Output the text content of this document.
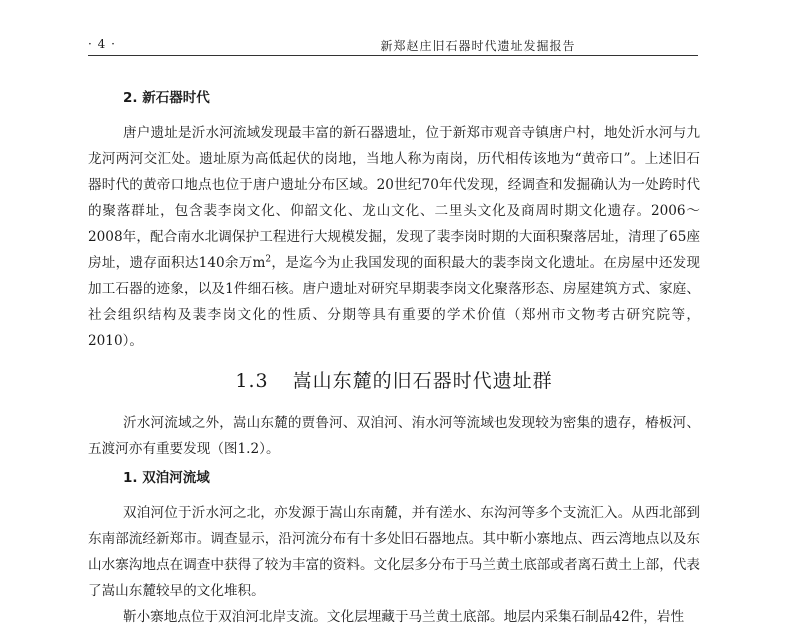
· 4 ·	新郑赵庄旧石器时代遗址发掘报告
2. 新石器时代

唐户遗址是沂水河流域发现最丰富的新石器遗址，位于新郑市观音寺镇唐户村，地处沂水河与九龙河两河交汇处。遗址原为高低起伏的岗地，当地人称为南岗，历代相传该地为“黄帝口”。上述旧石器时代的黄帝口地点也位于唐户遗址分布区域。20世纪70年代发现，经调查和发掘确认为一处跨时代的聚落群址，包含裴李岗文化、仰韶文化、龙山文化、二里头文化及商周时期文化遗存。2006～2008年，配合南水北调保护工程进行大规模发掘，发现了裴李岗时期的大面积聚落居址，清理了65座房址，遗存面积达140余万$m^2$，是迄今为止我国发现的面积最大的裴李岗文化遗址。在房屋中还发现加工石器的迹象，以及1件细石核。唐户遗址对研究早期裴李岗文化聚落形态、房屋建筑方式、家庭、社会组织结构及裴李岗文化的性质、分期等具有重要的学术价值（郑州市文物考古研究院等，2010）。

1.3 嵩山东麓的旧石器时代遗址群

沂水河流域之外，嵩山东麓的贾鲁河、双洎河、洧水河等流域也发现较为密集的遗存，椿板河、五渡河亦有重要发现（图1.2）。

1. 双洎河流域

双洎河位于沂水河之北，亦发源于嵩山东南麓，并有溠水、东沟河等多个支流汇入。从西北部到东南部流经新郑市。调查显示，沿河流分布有十多处旧石器地点。其中靳小寨地点、西云湾地点以及东山水寨沟地点在调查中获得了较为丰富的资料。文化层多分布于马兰黄土底部或者离石黄土上部，代表了嵩山东麓较早的文化堆积。

靳小寨地点位于双洎河北岸支流。文化层埋藏于马兰黄土底部。地层内采集石制品42件，岩性
